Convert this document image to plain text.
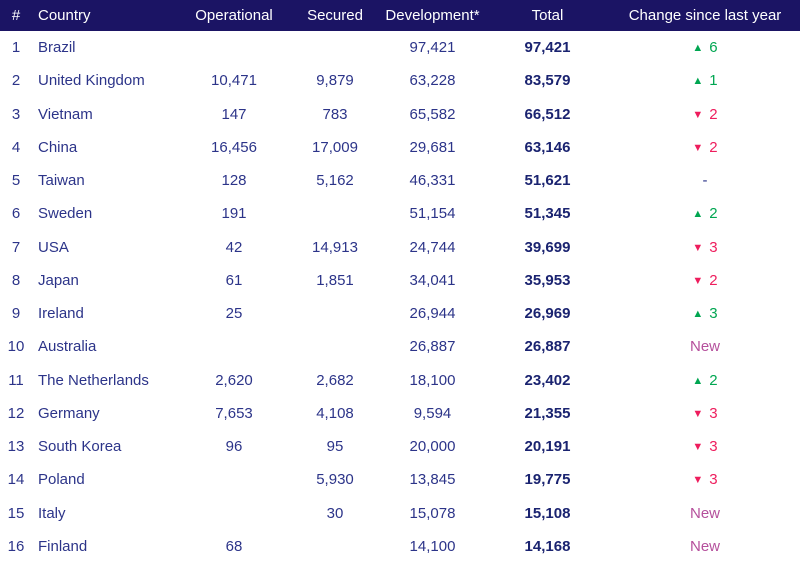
#	Country	Operational	Secured	Development*	Total	Change since last year
1	Brazil			97,421	97,421	▲ 6
2	United Kingdom	10,471	9,879	63,228	83,579	▲ 1
3	Vietnam	147	783	65,582	66,512	▼ 2
4	China	16,456	17,009	29,681	63,146	▼ 2
5	Taiwan	128	5,162	46,331	51,621	-
6	Sweden	191		51,154	51,345	▲ 2
7	USA	42	14,913	24,744	39,699	▼ 3
8	Japan	61	1,851	34,041	35,953	▼ 2
9	Ireland	25		26,944	26,969	▲ 3
10	Australia			26,887	26,887	New
11	The Netherlands	2,620	2,682	18,100	23,402	▲ 2
12	Germany	7,653	4,108	9,594	21,355	▼ 3
13	South Korea	96	95	20,000	20,191	▼ 3
14	Poland		5,930	13,845	19,775	▼ 3
15	Italy		30	15,078	15,108	New
16	Finland	68		14,100	14,168	New
